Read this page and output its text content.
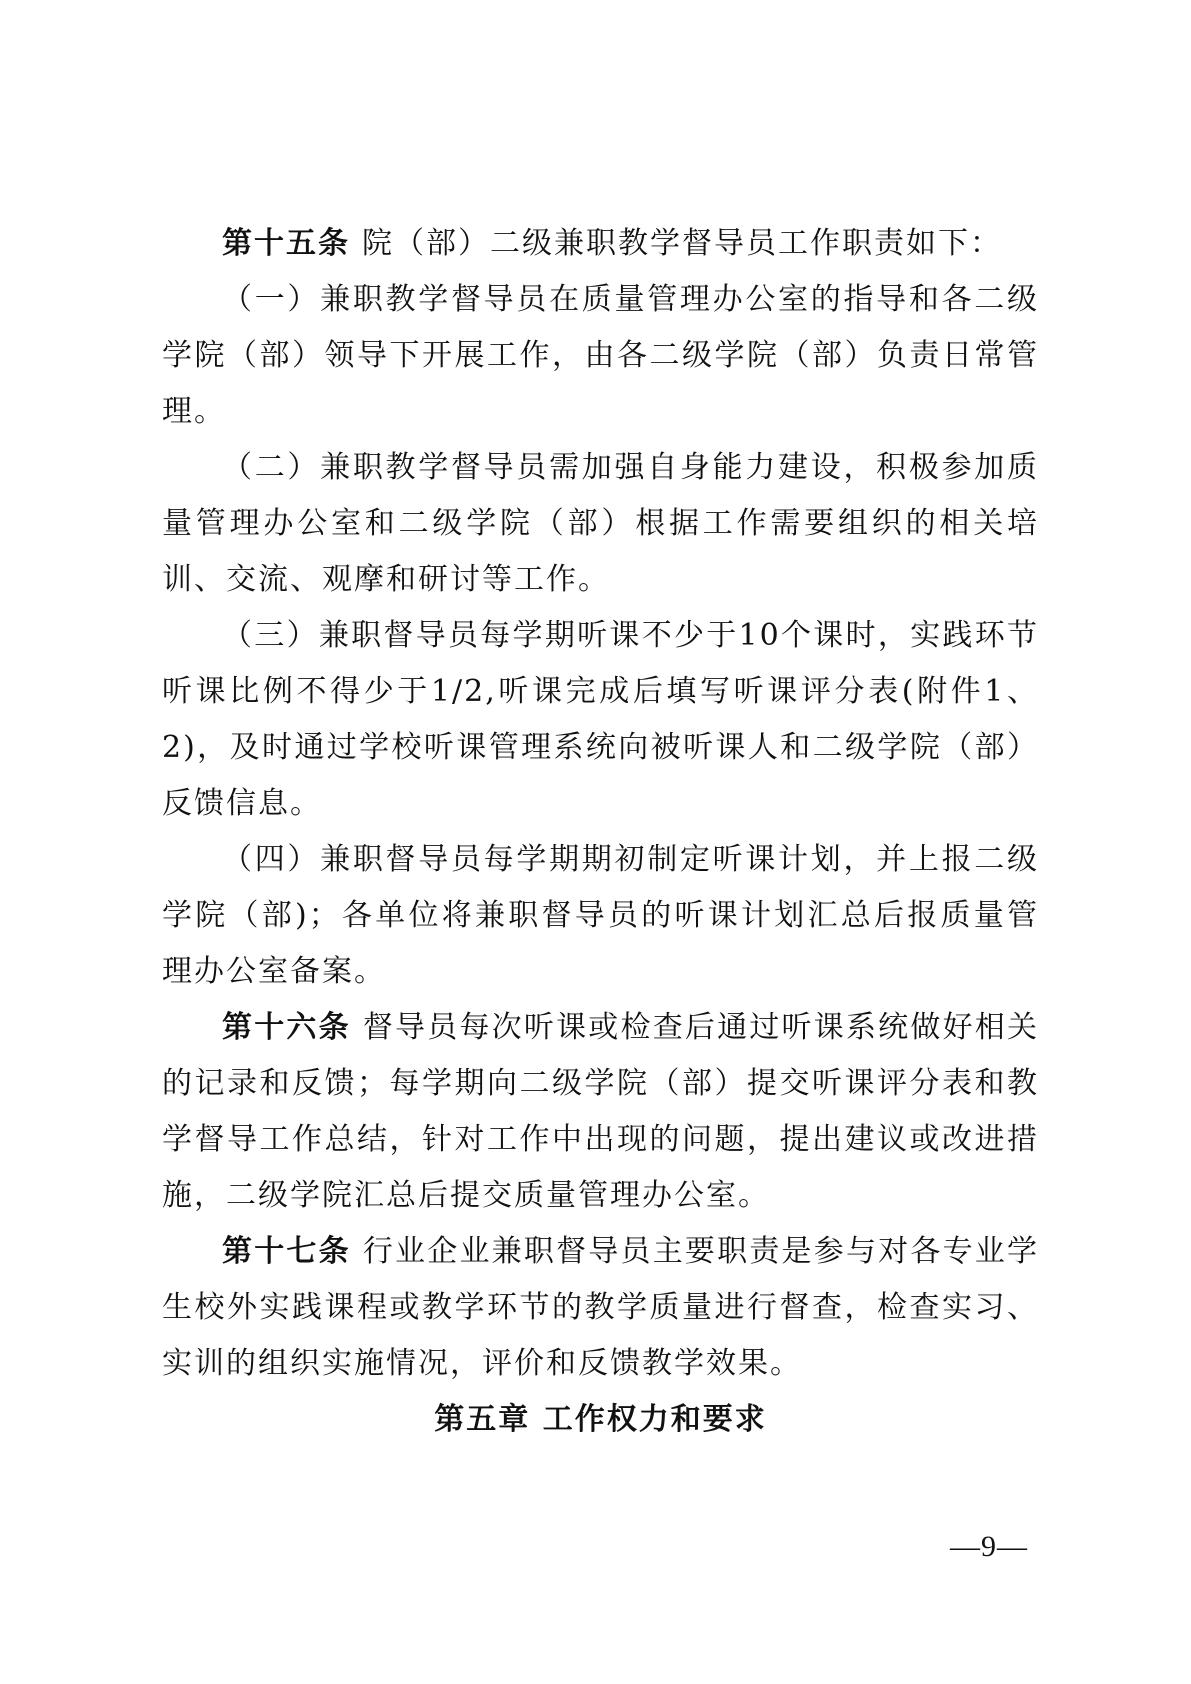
第十五条 院（部）二级兼职教学督导员工作职责如下：

（一）兼职教学督导员在质量管理办公室的指导和各二级学院（部）领导下开展工作，由各二级学院（部）负责日常管理。

（二）兼职教学督导员需加强自身能力建设，积极参加质量管理办公室和二级学院（部）根据工作需要组织的相关培训、交流、观摩和研讨等工作。

（三）兼职督导员每学期听课不少于10个课时，实践环节听课比例不得少于1/2,听课完成后填写听课评分表(附件1、2)，及时通过学校听课管理系统向被听课人和二级学院（部）反馈信息。

（四）兼职督导员每学期期初制定听课计划，并上报二级学院（部)；各单位将兼职督导员的听课计划汇总后报质量管理办公室备案。

第十六条 督导员每次听课或检查后通过听课系统做好相关的记录和反馈；每学期向二级学院（部）提交听课评分表和教学督导工作总结，针对工作中出现的问题，提出建议或改进措施，二级学院汇总后提交质量管理办公室。

第十七条 行业企业兼职督导员主要职责是参与对各专业学生校外实践课程或教学环节的教学质量进行督查，检查实习、实训的组织实施情况，评价和反馈教学效果。

第五章 工作权力和要求

—9—
